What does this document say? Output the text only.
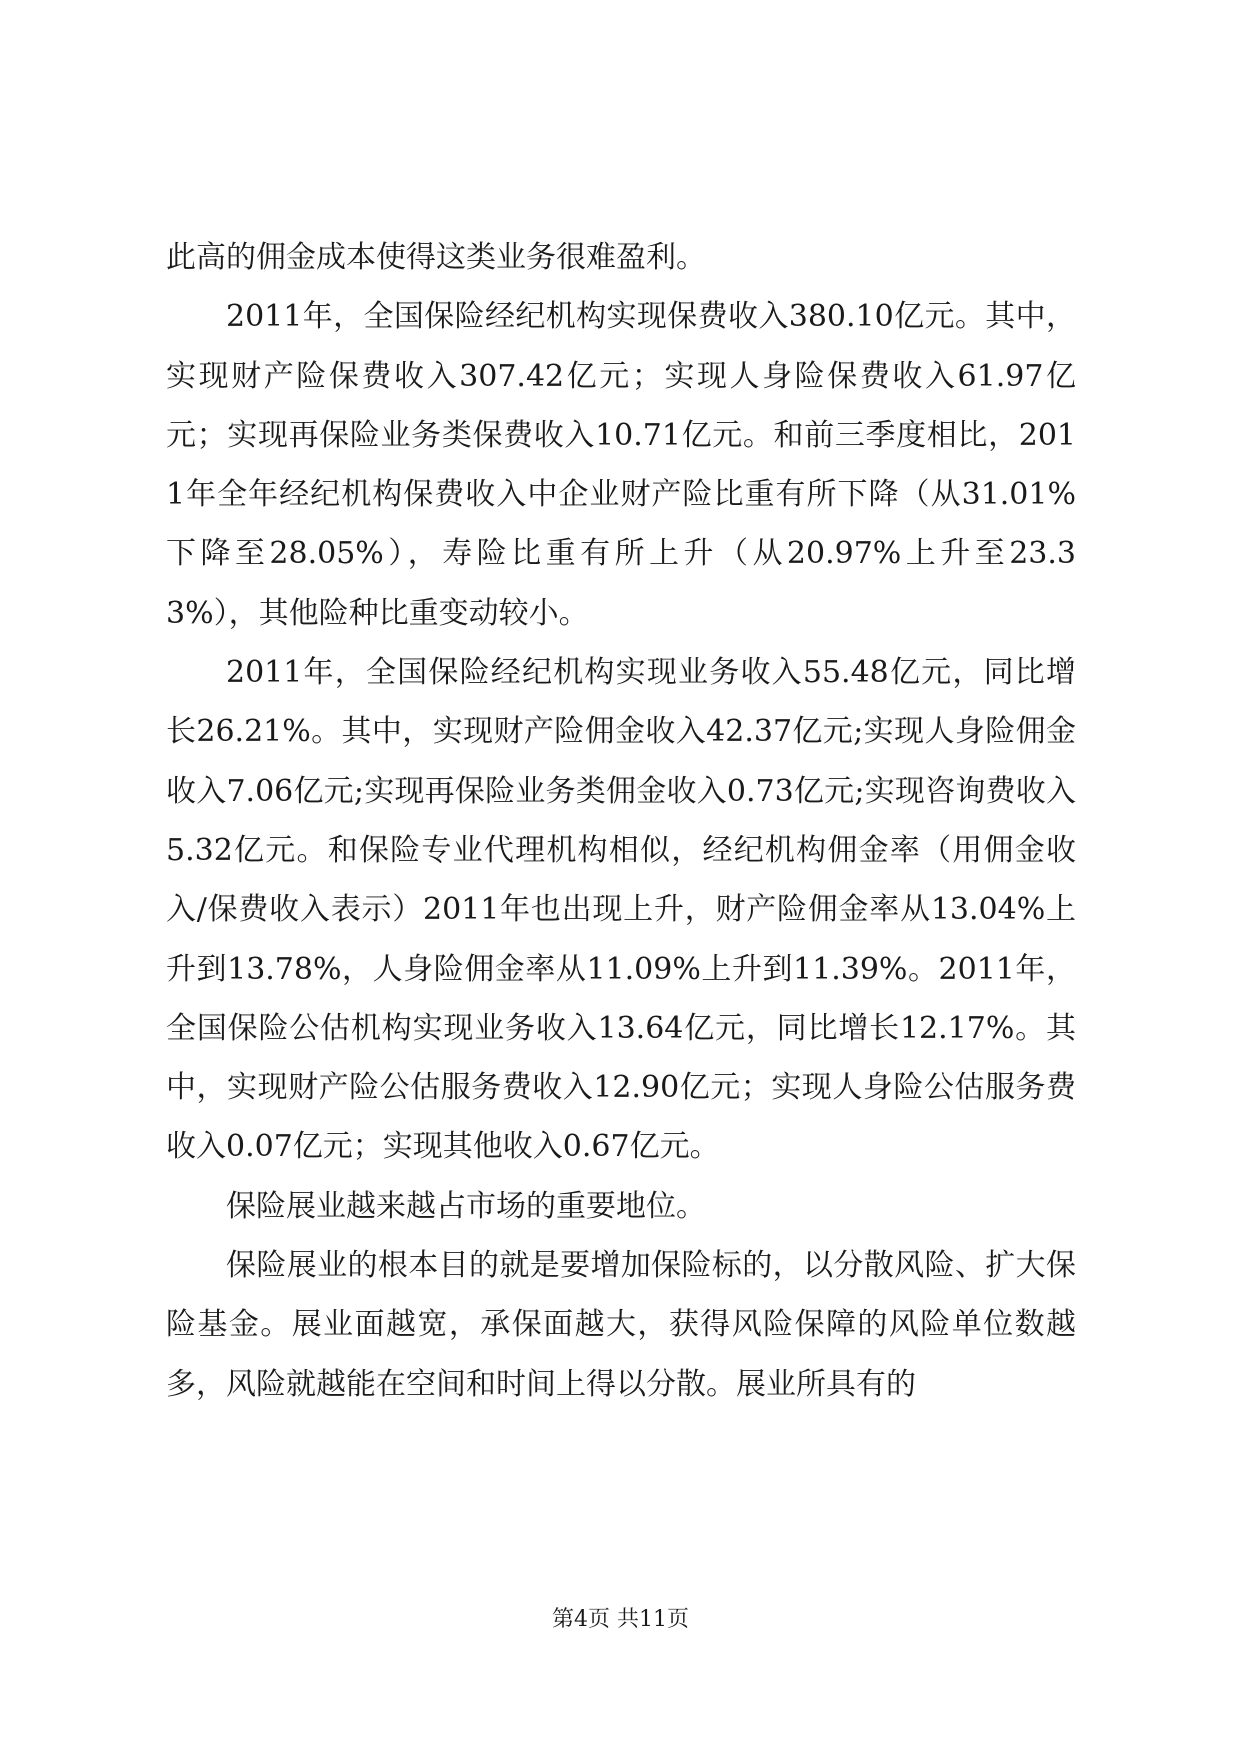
此高的佣金成本使得这类业务很难盈利。

2011年，全国保险经纪机构实现保费收入380.10亿元。其中，实现财产险保费收入307.42亿元；实现人身险保费收入61.97亿元；实现再保险业务类保费收入10.71亿元。和前三季度相比，2011年全年经纪机构保费收入中企业财产险比重有所下降（从31.01%下降至28.05%），寿险比重有所上升（从20.97%上升至23.33%），其他险种比重变动较小。

2011年，全国保险经纪机构实现业务收入55.48亿元，同比增长26.21%。其中，实现财产险佣金收入42.37亿元;实现人身险佣金收入7.06亿元;实现再保险业务类佣金收入0.73亿元;实现咨询费收入5.32亿元。和保险专业代理机构相似，经纪机构佣金率（用佣金收入/保费收入表示）2011年也出现上升，财产险佣金率从13.04%上升到13.78%，人身险佣金率从11.09%上升到11.39%。2011年，全国保险公估机构实现业务收入13.64亿元，同比增长12.17%。其中，实现财产险公估服务费收入12.90亿元；实现人身险公估服务费收入0.07亿元；实现其他收入0.67亿元。

保险展业越来越占市场的重要地位。

保险展业的根本目的就是要增加保险标的，以分散风险、扩大保险基金。展业面越宽，承保面越大，获得风险保障的风险单位数越多，风险就越能在空间和时间上得以分散。展业所具有的

第4页 共11页
